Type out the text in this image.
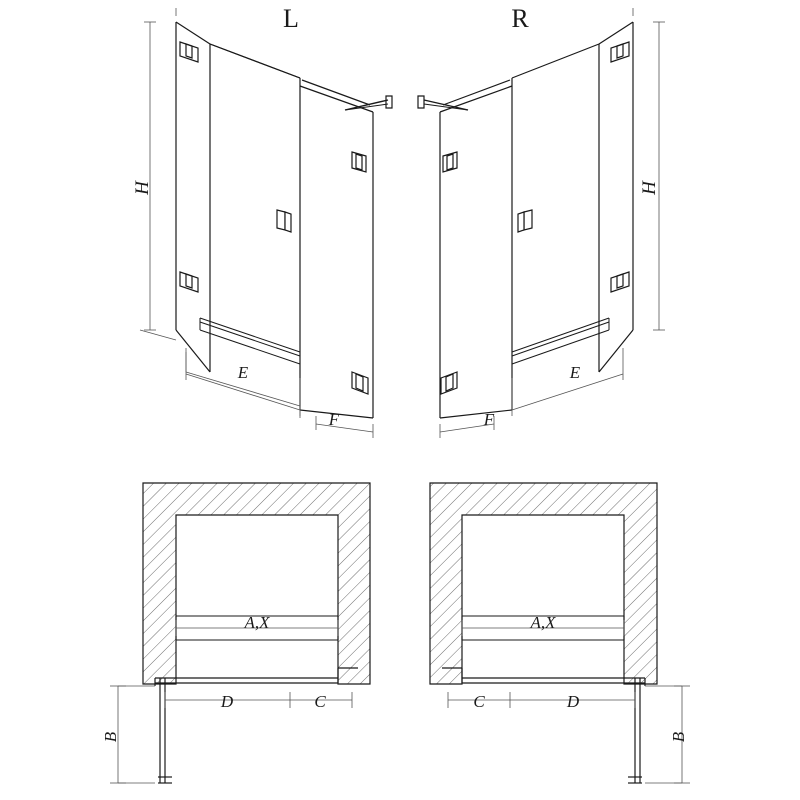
H
E
F
L
H
E
F
R
A,X
D	C
B
A,X
D
C
B
